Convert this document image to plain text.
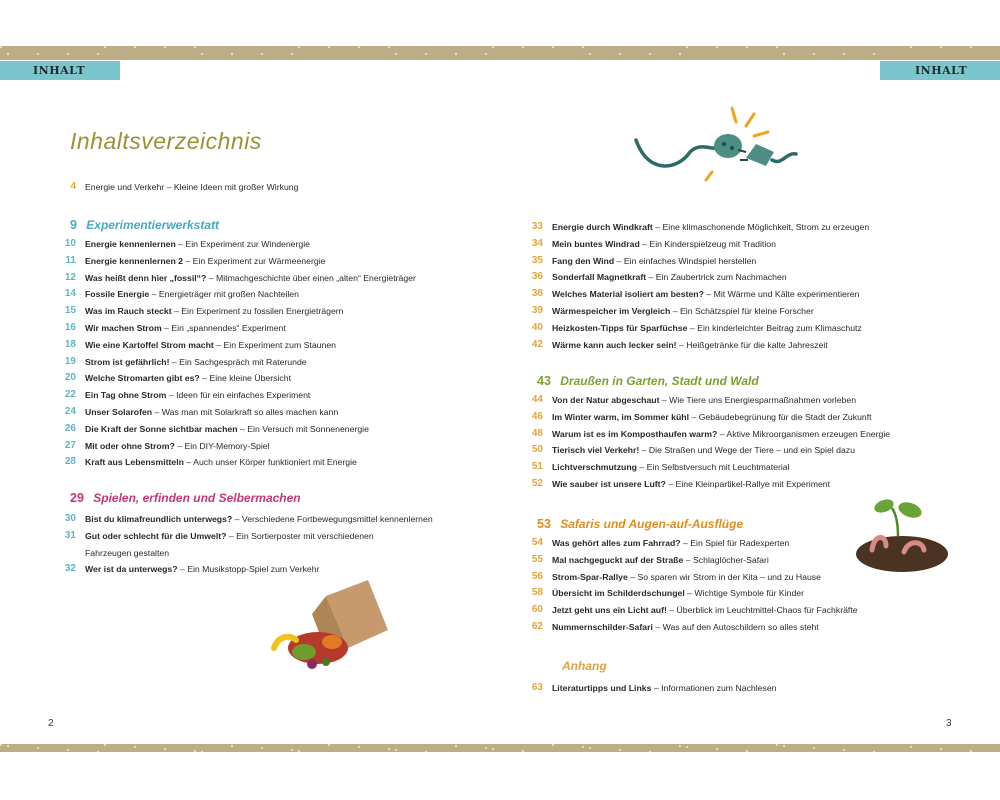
INHALT	INHALT
Inhaltsverzeichnis
4 Energie und Verkehr – Kleine Ideen mit großer Wirkung
9 Experimentierwerkstatt
10 Energie kennenlernen – Ein Experiment zur Windenergie
11 Energie kennenlernen 2 – Ein Experiment zur Wärmeenergie
12 Was heißt denn hier „fossil“? – Mitmachgeschichte über einen „alten“ Energieträger
14 Fossile Energie – Energieträger mit großen Nachteilen
15 Was im Rauch steckt – Ein Experiment zu fossilen Energieträgern
16 Wir machen Strom – Ein „spannendes“ Experiment
18 Wie eine Kartoffel Strom macht – Ein Experiment zum Staunen
19 Strom ist gefährlich! – Ein Sachgespräch mit Raterunde
20 Welche Stromarten gibt es? – Eine kleine Übersicht
22 Ein Tag ohne Strom – Ideen für ein einfaches Experiment
24 Unser Solarofen – Was man mit Solarkraft so alles machen kann
26 Die Kraft der Sonne sichtbar machen – Ein Versuch mit Sonnenenergie
27 Mit oder ohne Strom? – Ein DIY-Memory-Spiel
28 Kraft aus Lebensmitteln – Auch unser Körper funktioniert mit Energie
29 Spielen, erfinden und Selbermachen
30 Bist du klimafreundlich unterwegs? – Verschiedene Fortbewegungsmittel kennenlernen
31 Gut oder schlecht für die Umwelt? – Ein Sortierposter mit verschiedenen
Fahrzeugen gestalten
32 Wer ist da unterwegs? – Ein Musikstopp-Spiel zum Verkehr
33 Energie durch Windkraft – Eine klimaschonende Möglichkeit, Strom zu erzeugen
34 Mein buntes Windrad – Ein Kinderspielzeug mit Tradition
35 Fang den Wind – Ein einfaches Windspiel herstellen
36 Sonderfall Magnetkraft – Ein Zaubertrick zum Nachmachen
38 Welches Material isoliert am besten? – Mit Wärme und Kälte experimentieren
39 Wärmespeicher im Vergleich – Ein Schätzspiel für kleine Forscher
40 Heizkosten-Tipps für Sparfüchse – Ein kinderleichter Beitrag zum Klimaschutz
42 Wärme kann auch lecker sein! – Heißgetränke für die kalte Jahreszeit
43 Draußen in Garten, Stadt und Wald
44 Von der Natur abgeschaut – Wie Tiere uns Energiesparmaßnahmen vorleben
46 Im Winter warm, im Sommer kühl – Gebäudebegrünung für die Stadt der Zukunft
48 Warum ist es im Komposthaufen warm? – Aktive Mikroorganismen erzeugen Energie
50 Tierisch viel Verkehr! – Die Straßen und Wege der Tiere – und ein Spiel dazu
51 Lichtverschmutzung – Ein Selbstversuch mit Leuchtmaterial
52 Wie sauber ist unsere Luft? – Eine Kleinpartikel-Rallye mit Experiment
53 Safaris und Augen-auf-Ausflüge
54 Was gehört alles zum Fahrrad? – Ein Spiel für Radexperten
55 Mal nachgeguckt auf der Straße – Schlaglöcher-Safari
56 Strom-Spar-Rallye – So sparen wir Strom in der Kita – und zu Hause
58 Übersicht im Schilderdschungel – Wichtige Symbole für Kinder
60 Jetzt geht uns ein Licht auf! – Überblick im Leuchtmittel-Chaos für Fachkräfte
62 Nummernschilder-Safari – Was auf den Autoschildern so alles steht
Anhang
63 Literaturtipps und Links – Informationen zum Nachlesen
2	3
